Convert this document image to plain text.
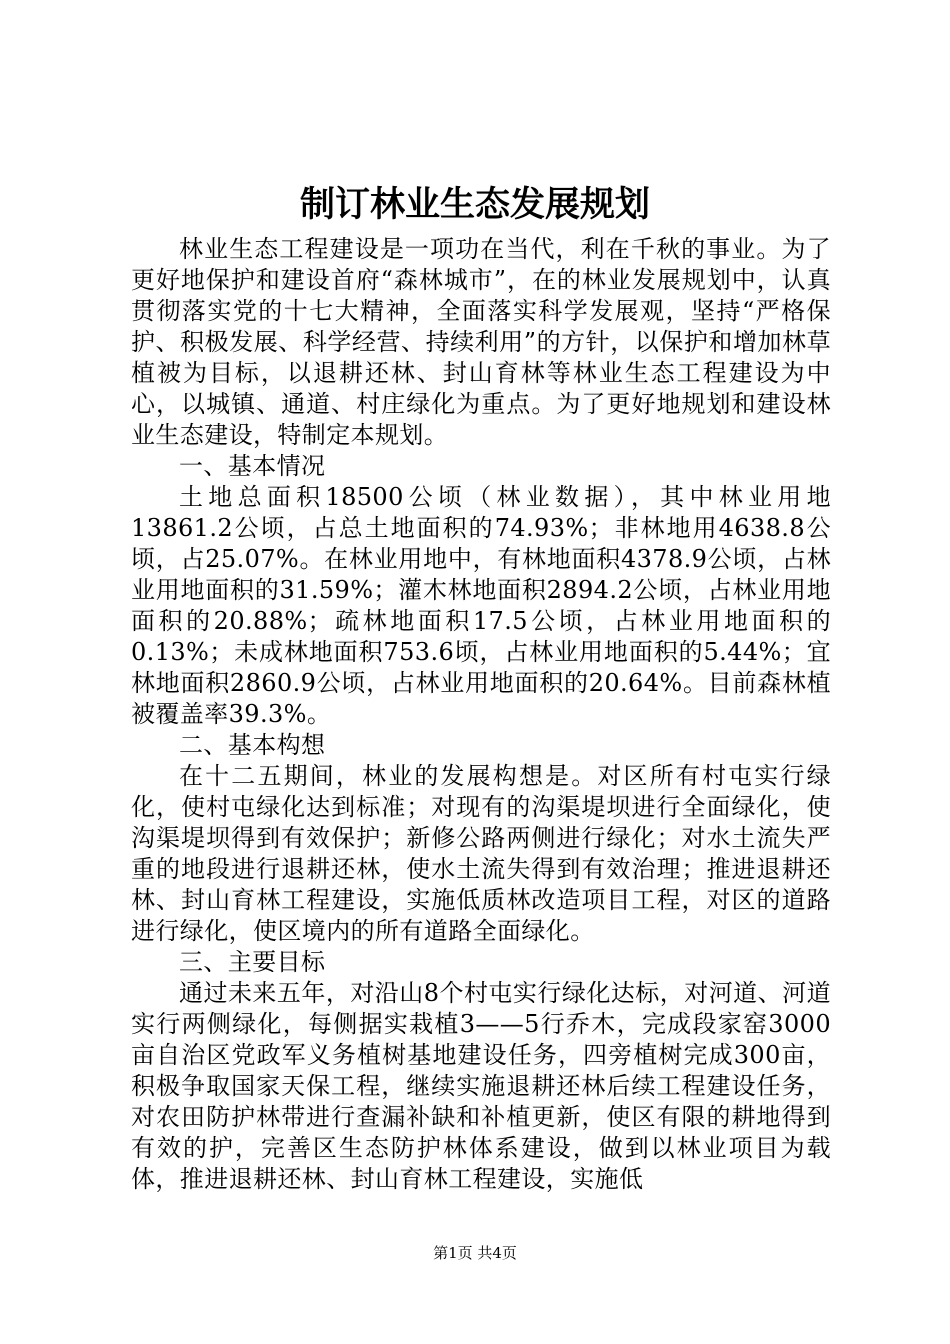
制订林业生态发展规划

林业生态工程建设是一项功在当代，利在千秋的事业。为了更好地保护和建设首府“森林城市”，在的林业发展规划中，认真贯彻落实党的十七大精神，全面落实科学发展观，坚持“严格保护、积极发展、科学经营、持续利用”的方针，以保护和增加林草植被为目标，以退耕还林、封山育林等林业生态工程建设为中心，以城镇、通道、村庄绿化为重点。为了更好地规划和建设林业生态建设，特制定本规划。

一、基本情况

土地总面积18500公顷（林业数据），其中林业用地13861.2公顷，占总土地面积的74.93%；非林地用4638.8公顷，占25.07%。在林业用地中，有林地面积4378.9公顷，占林业用地面积的31.59%；灌木林地面积2894.2公顷，占林业用地面积的20.88%；疏林地面积17.5公顷，占林业用地面积的0.13%；未成林地面积753.6顷，占林业用地面积的5.44%；宜林地面积2860.9公顷，占林业用地面积的20.64%。目前森林植被覆盖率39.3%。

二、基本构想

在十二五期间，林业的发展构想是。对区所有村屯实行绿化，使村屯绿化达到标准；对现有的沟渠堤坝进行全面绿化，使沟渠堤坝得到有效保护；新修公路两侧进行绿化；对水土流失严重的地段进行退耕还林，使水土流失得到有效治理；推进退耕还林、封山育林工程建设，实施低质林改造项目工程，对区的道路进行绿化，使区境内的所有道路全面绿化。

三、主要目标

通过未来五年，对沿山8个村屯实行绿化达标，对河道、河道实行两侧绿化，每侧据实栽植3——5行乔木，完成段家窑3000亩自治区党政军义务植树基地建设任务，四旁植树完成300亩，积极争取国家天保工程，继续实施退耕还林后续工程建设任务，对农田防护林带进行查漏补缺和补植更新，使区有限的耕地得到有效的护，完善区生态防护林体系建设，做到以林业项目为载体，推进退耕还林、封山育林工程建设，实施低

第1页 共4页
